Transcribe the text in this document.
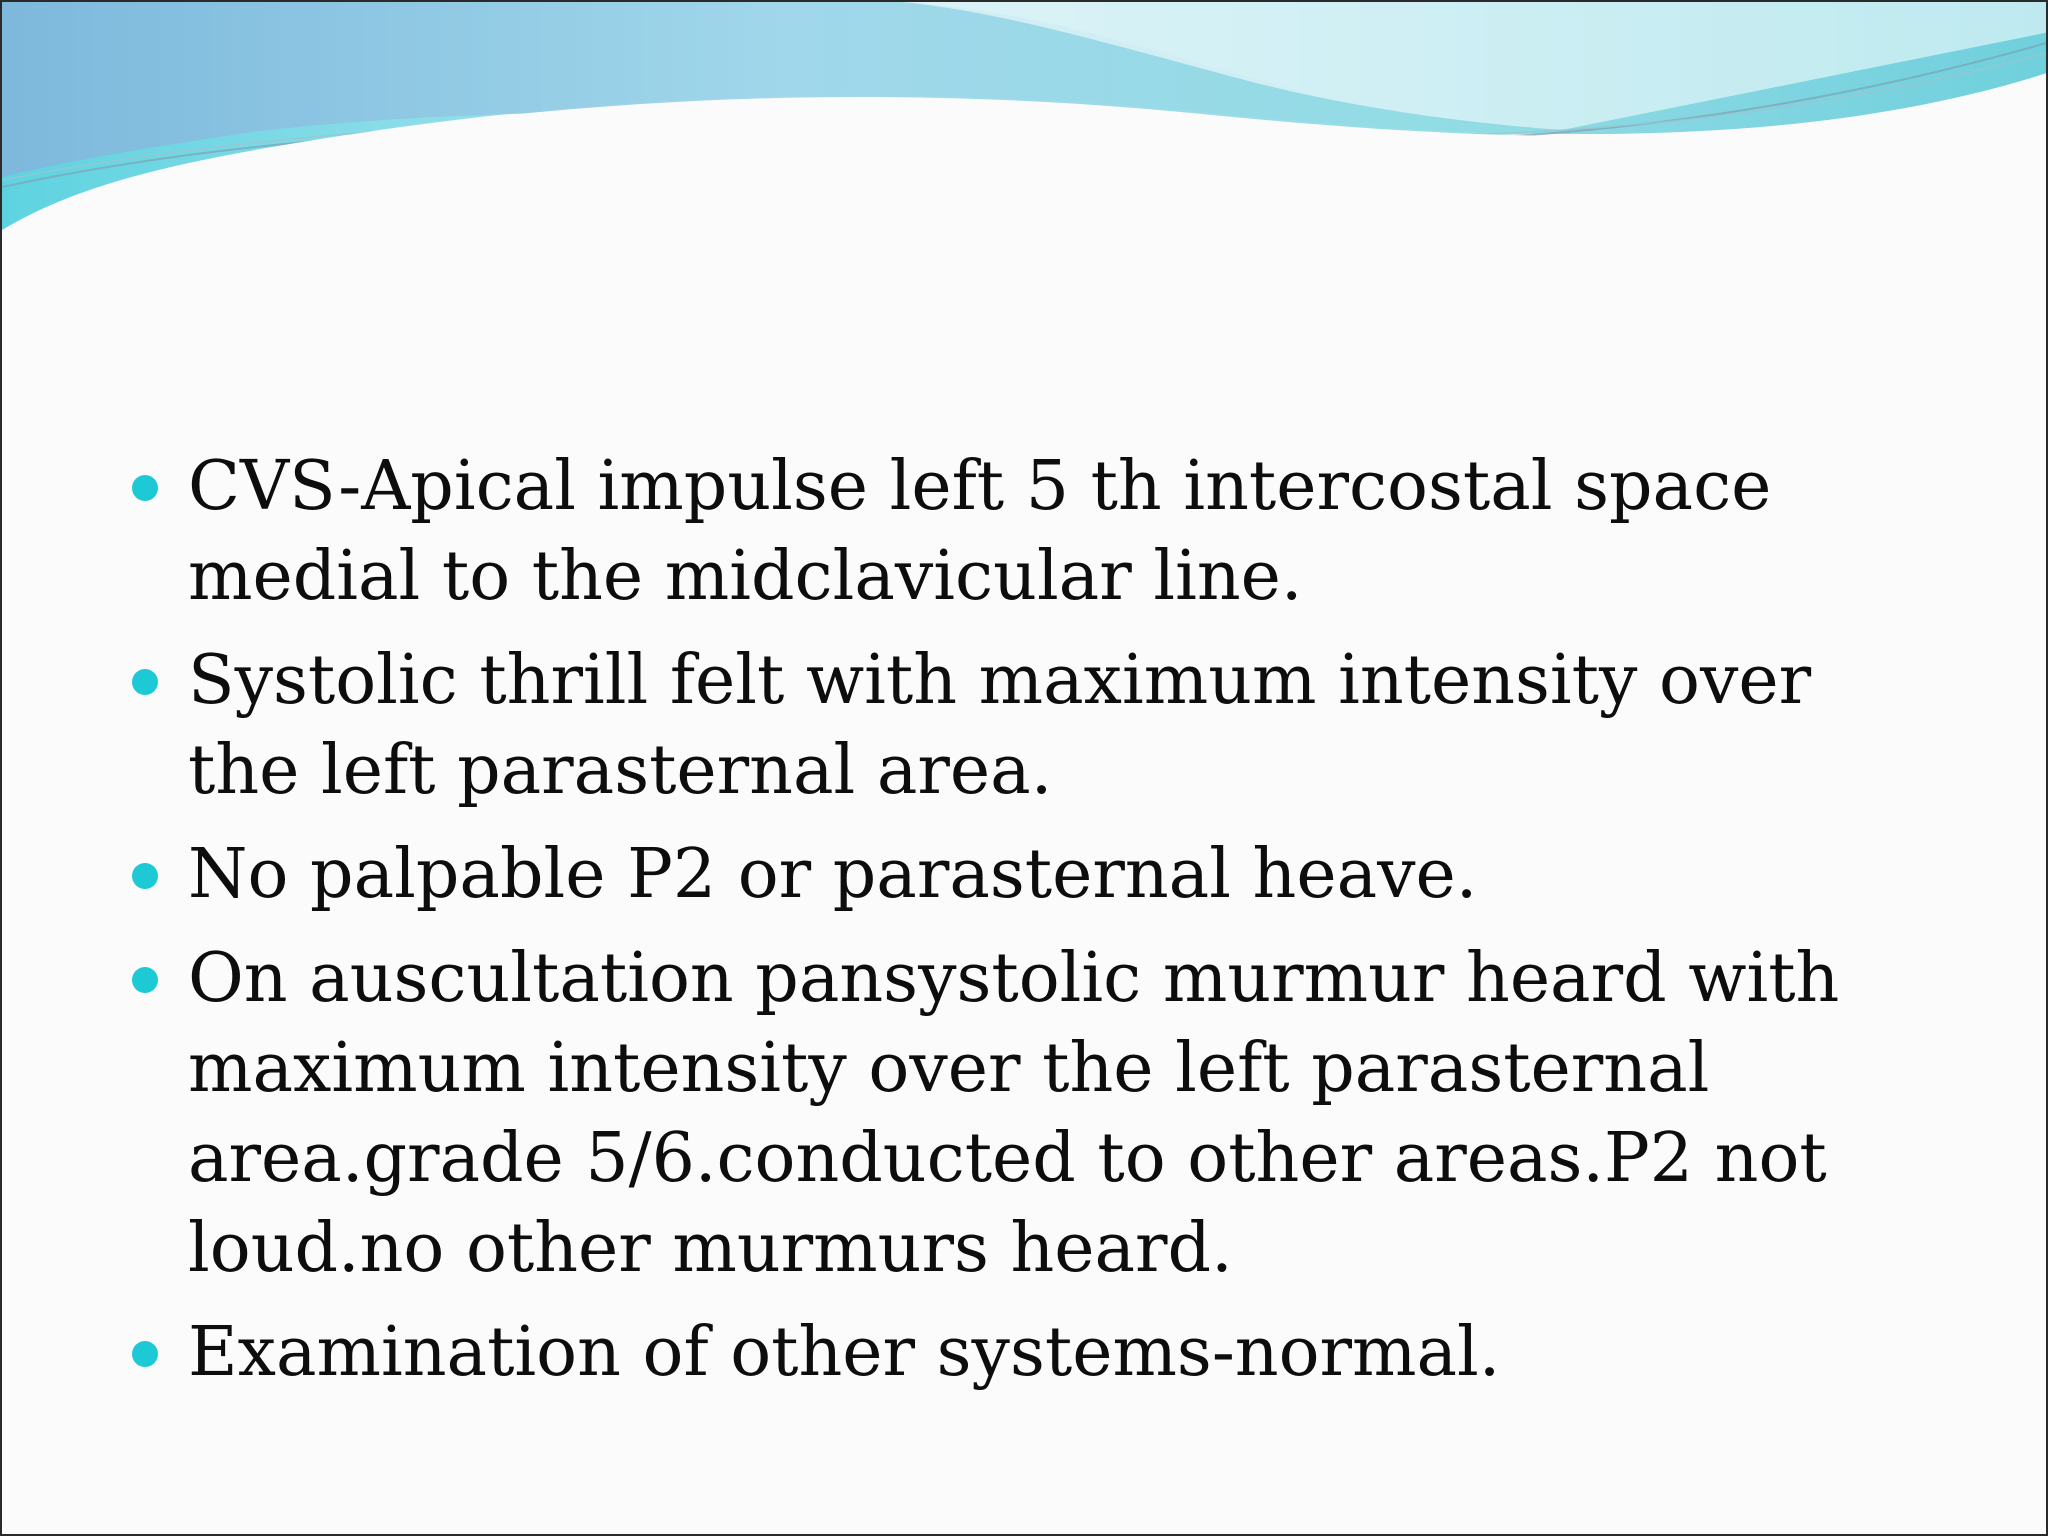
CVS-Apical impulse left 5 th intercostal space medial to the midclavicular line.
Systolic thrill felt with maximum intensity over the left parasternal area.
No palpable P2 or parasternal heave.
On auscultation pansystolic murmur heard with maximum intensity over the left parasternal area.grade 5/6.conducted to other areas.P2 not loud.no other murmurs heard.
Examination of other systems-normal.
